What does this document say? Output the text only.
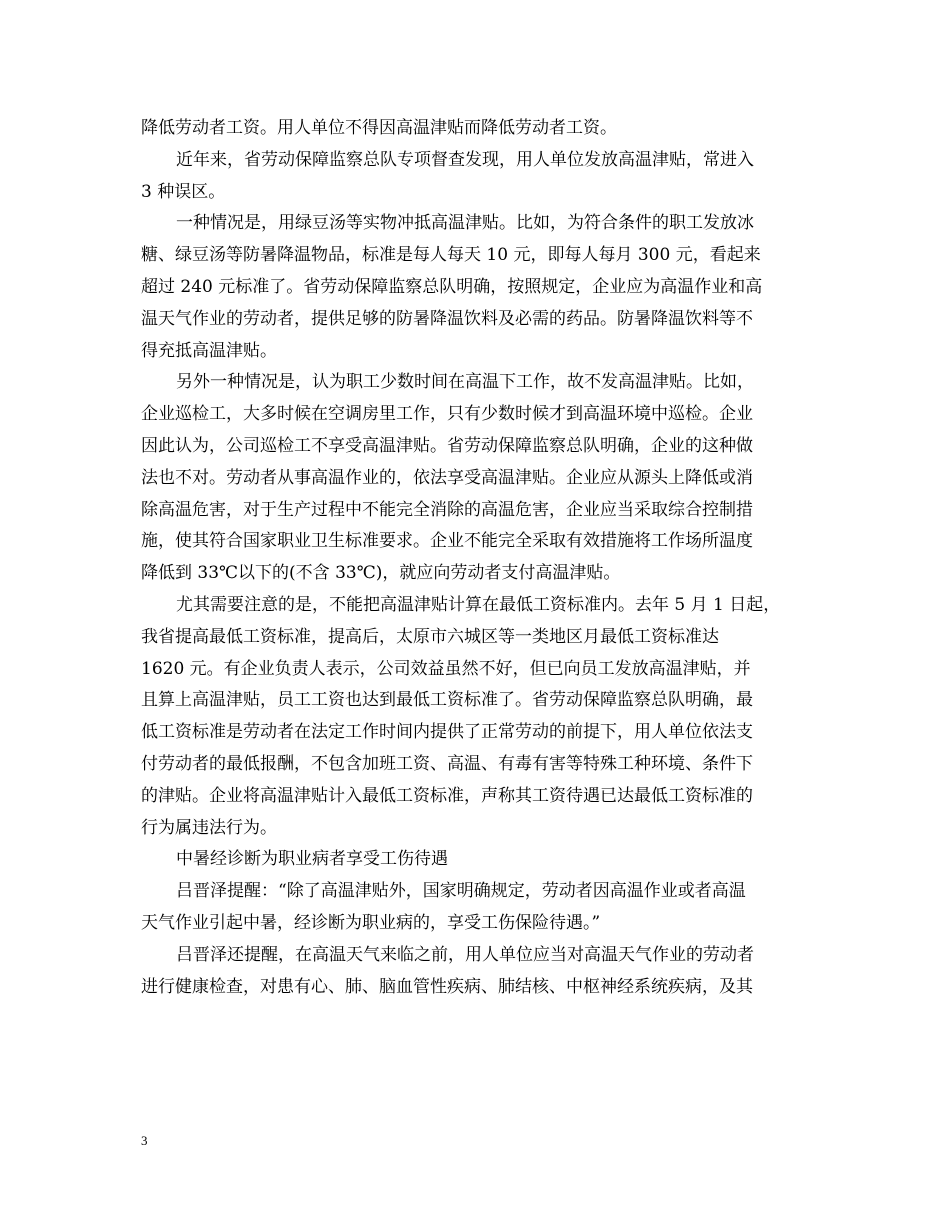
降低劳动者工资。用人单位不得因高温津贴而降低劳动者工资。
近年来，省劳动保障监察总队专项督查发现，用人单位发放高温津贴，常进入
3 种误区。
一种情况是，用绿豆汤等实物冲抵高温津贴。比如，为符合条件的职工发放冰
糖、绿豆汤等防暑降温物品，标准是每人每天 10 元，即每人每月 300 元，看起来
超过 240 元标准了。省劳动保障监察总队明确，按照规定，企业应为高温作业和高
温天气作业的劳动者，提供足够的防暑降温饮料及必需的药品。防暑降温饮料等不
得充抵高温津贴。
另外一种情况是，认为职工少数时间在高温下工作，故不发高温津贴。比如，
企业巡检工，大多时候在空调房里工作，只有少数时候才到高温环境中巡检。企业
因此认为，公司巡检工不享受高温津贴。省劳动保障监察总队明确，企业的这种做
法也不对。劳动者从事高温作业的，依法享受高温津贴。企业应从源头上降低或消
除高温危害，对于生产过程中不能完全消除的高温危害，企业应当采取综合控制措
施，使其符合国家职业卫生标准要求。企业不能完全采取有效措施将工作场所温度
降低到 33℃以下的(不含 33℃)，就应向劳动者支付高温津贴。
尤其需要注意的是，不能把高温津贴计算在最低工资标准内。去年 5 月 1 日起，
我省提高最低工资标准，提高后，太原市六城区等一类地区月最低工资标准达
1620 元。有企业负责人表示，公司效益虽然不好，但已向员工发放高温津贴，并
且算上高温津贴，员工工资也达到最低工资标准了。省劳动保障监察总队明确，最
低工资标准是劳动者在法定工作时间内提供了正常劳动的前提下，用人单位依法支
付劳动者的最低报酬，不包含加班工资、高温、有毒有害等特殊工种环境、条件下
的津贴。企业将高温津贴计入最低工资标准，声称其工资待遇已达最低工资标准的
行为属违法行为。
中暑经诊断为职业病者享受工伤待遇
吕晋泽提醒：“除了高温津贴外，国家明确规定，劳动者因高温作业或者高温
天气作业引起中暑，经诊断为职业病的，享受工伤保险待遇。”
吕晋泽还提醒，在高温天气来临之前，用人单位应当对高温天气作业的劳动者
进行健康检查，对患有心、肺、脑血管性疾病、肺结核、中枢神经系统疾病，及其
3
